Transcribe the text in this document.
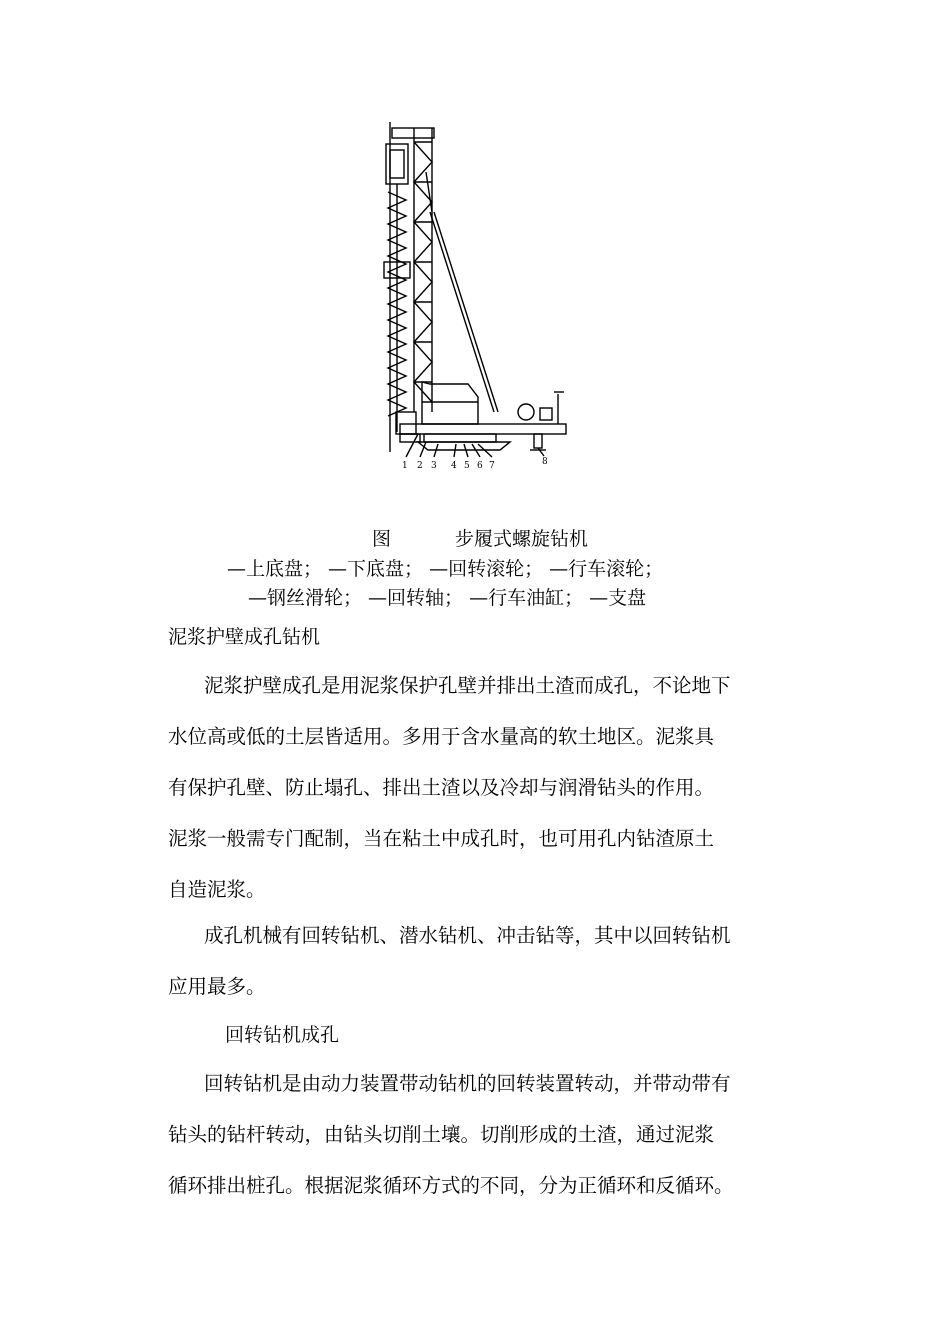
1 2 3 4 5 6 7	8
图	步履式螺旋钻机
—上底盘； —下底盘； —回转滚轮； —行车滚轮；
—钢丝滑轮； —回转轴； —行车油缸； —支盘
泥浆护壁成孔钻机
泥浆护壁成孔是用泥浆保护孔壁并排出土渣而成孔，不论地下
水位高或低的土层皆适用。多用于含水量高的软土地区。泥浆具
有保护孔壁、防止塌孔、排出土渣以及冷却与润滑钻头的作用。
泥浆一般需专门配制，当在粘土中成孔时，也可用孔内钻渣原土
自造泥浆。
成孔机械有回转钻机、潜水钻机、冲击钻等，其中以回转钻机
应用最多。
回转钻机成孔
回转钻机是由动力装置带动钻机的回转装置转动，并带动带有
钻头的钻杆转动，由钻头切削土壤。切削形成的土渣，通过泥浆
循环排出桩孔。根据泥浆循环方式的不同，分为正循环和反循环。
